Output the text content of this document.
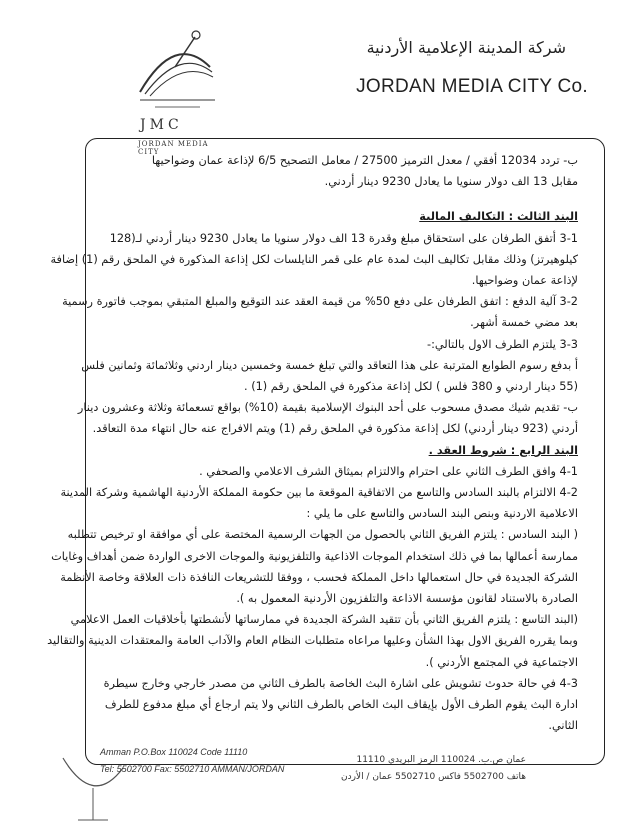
JMC
JORDAN MEDIA CITY
شركة المدينة الإعلامية الأردنية
JORDAN MEDIA CITY Co.

ب- تردد 12034 أفقي / معدل الترميز 27500 / معامل التصحيح 6/5 لإذاعة عمان وضواحيها

مقابل 13 الف دولار سنويا ما يعادل 9230 دينار أردني.

البند الثالث : التكاليف المالية

3-1 أتفق الطرفان على استحقاق مبلغ وقدرة 13 الف دولار سنويا ما يعادل 9230 دينار أردني لـ(128

كيلوهيرتز) وذلك مقابل تكاليف البث لمدة عام على قمر النايلسات لكل إذاعة المذكورة في الملحق رقم (1) إضافة

لإذاعة عمان وضواحيها.

3-2 آلية الدفع : اتفق الطرفان على دفع 50% من قيمة العقد عند التوقيع والمبلغ المتبقي بموجب فاتورة رسمية

بعد مضي خمسة أشهر.

3-3 يلتزم الطرف الاول بالتالي:-

أ بدفع رسوم الطوابع المترتبة على هذا التعاقد والتي تبلغ خمسة وخمسين دينار اردني وثلاثمائة وثمانين فلس

(55 دينار اردني و 380 فلس ) لكل إذاعة مذكورة في الملحق رقم (1) .

ب- تقديم شيك مصدق مسحوب على أحد البنوك الإسلامية بقيمة (10%) بواقع تسعمائة وثلاثة وعشرون دينار

أردني (923 دينار أردني) لكل إذاعة مذكورة في الملحق رقم (1) ويتم الافراج عنه حال انتهاء مدة التعاقد.

البند الرابع : شروط العقد .

4-1 وافق الطرف الثاني على احترام والالتزام بميثاق الشرف الاعلامي والصحفي .

4-2 الالتزام بالبند السادس والتاسع من الاتفاقية الموقعة ما بين حكومة المملكة الأردنية الهاشمية وشركة المدينة

الاعلامية الاردنية وبنص البند السادس والتاسع على ما يلي :

( البند السادس : يلتزم الفريق الثاني بالحصول من الجهات الرسمية المختصة على أي موافقة او ترخيص تتطلبه

ممارسة أعمالها بما في ذلك استخدام الموجات الاذاعية والتلفزيونية والموجات الاخرى الواردة ضمن أهداف وغايات

الشركة الجديدة في حال استعمالها داخل المملكة فحسب ، ووفقا للتشريعات النافذة ذات العلاقة وخاصة الأنظمة

الصادرة بالاستناد لقانون مؤسسة الاذاعة والتلفزيون الأردنية المعمول به ).

(البند التاسع : يلتزم الفريق الثاني بأن تتقيد الشركة الجديدة في ممارساتها لأنشطتها بأخلاقيات العمل الاعلامي

وبما يقرره الفريق الاول بهذا الشأن وعليها مراعاه متطلبات النظام العام والآداب العامة والمعتقدات الدينية والتقاليد

الاجتماعية في المجتمع الأردني ).

4-3 في حالة حدوث تشويش على اشارة البث الخاصة بالطرف الثاني من مصدر خارجي وخارج سيطرة

ادارة البث يقوم الطرف الأول بإيقاف البث الخاص بالطرف الثاني ولا يتم ارجاع أي مبلغ مدفوع للطرف

الثاني.

Amman P.O.Box 110024 Code 11110
Tel: 5502700 Fax: 5502710 AMMAN/JORDAN
عمان ص.ب. 110024 الرمز البريدي 11110
هاتف 5502700 فاكس 5502710 عمان / الأردن
